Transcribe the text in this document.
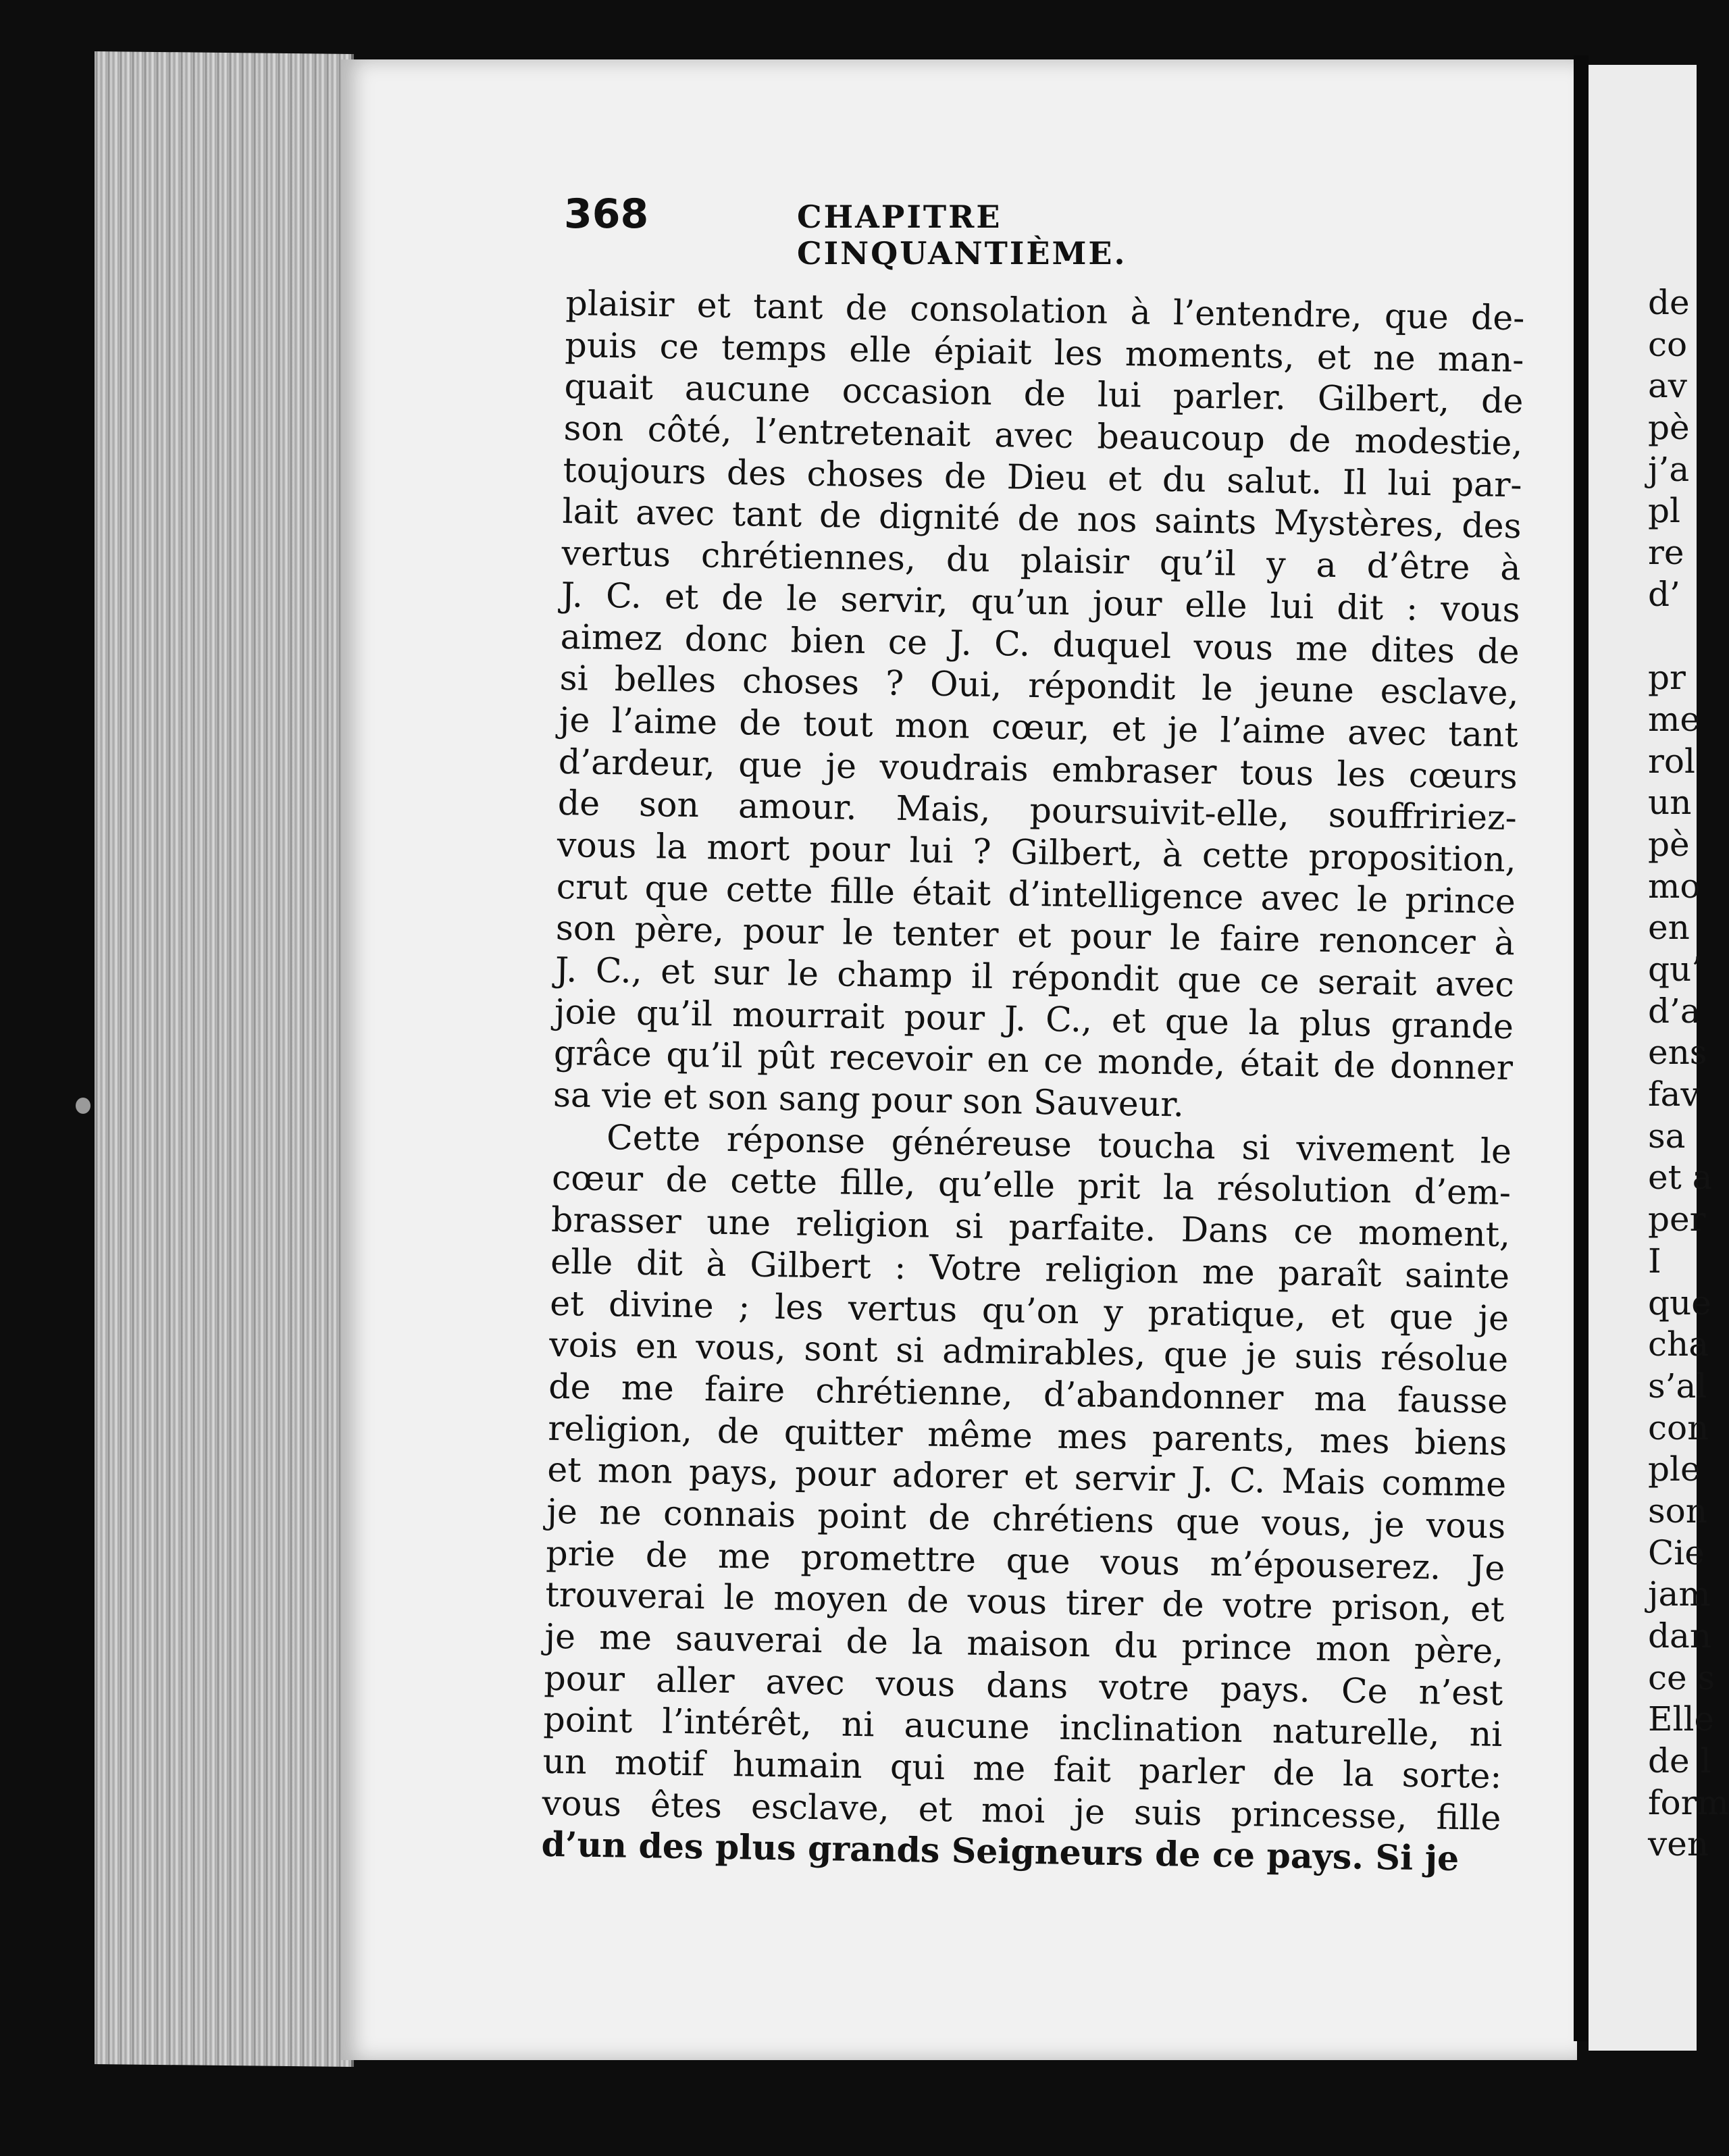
368	CHAPITRE CINQUANTIÈME.
plaisir et tant de consolation à l’entendre, que de-
puis ce temps elle épiait les moments, et ne man-
quait aucune occasion de lui parler. Gilbert, de
son côté, l’entretenait avec beaucoup de modestie,
toujours des choses de Dieu et du salut. Il lui par-
lait avec tant de dignité de nos saints Mystères, des
vertus chrétiennes, du plaisir qu’il y a d’être à
J. C. et de le servir, qu’un jour elle lui dit : vous
aimez donc bien ce J. C. duquel vous me dites de
si belles choses ? Oui, répondit le jeune esclave,
je l’aime de tout mon cœur, et je l’aime avec tant
d’ardeur, que je voudrais embraser tous les cœurs
de son amour. Mais, poursuivit-elle, souffririez-
vous la mort pour lui ? Gilbert, à cette proposition,
crut que cette fille était d’intelligence avec le prince
son père, pour le tenter et pour le faire renoncer à
J. C., et sur le champ il répondit que ce serait avec
joie qu’il mourrait pour J. C., et que la plus grande
grâce qu’il pût recevoir en ce monde, était de donner
sa vie et son sang pour son Sauveur.
Cette réponse généreuse toucha si vivement le
cœur de cette fille, qu’elle prit la résolution d’em-
brasser une religion si parfaite. Dans ce moment,
elle dit à Gilbert : Votre religion me paraît sainte
et divine ; les vertus qu’on y pratique, et que je
vois en vous, sont si admirables, que je suis résolue
de me faire chrétienne, d’abandonner ma fausse
religion, de quitter même mes parents, mes biens
et mon pays, pour adorer et servir J. C. Mais comme
je ne connais point de chrétiens que vous, je vous
prie de me promettre que vous m’épouserez. Je
trouverai le moyen de vous tirer de votre prison, et
je me sauverai de la maison du prince mon père,
pour aller avec vous dans votre pays. Ce n’est
point l’intérêt, ni aucune inclination naturelle, ni
un motif humain qui me fait parler de la sorte:
vous êtes esclave, et moi je suis princesse, fille
d’un des plus grands Seigneurs de ce pays. Si je
de
co
av
pè
j’a
pl
re
d’
pr
me
rol
un
pè
mo
en
qu’
d’a
ens
fav
sa
et a
per
I
que
cha
s’al
con
ple
son
Cie
jam
dan
ce s
Elle
de l
form
ven
